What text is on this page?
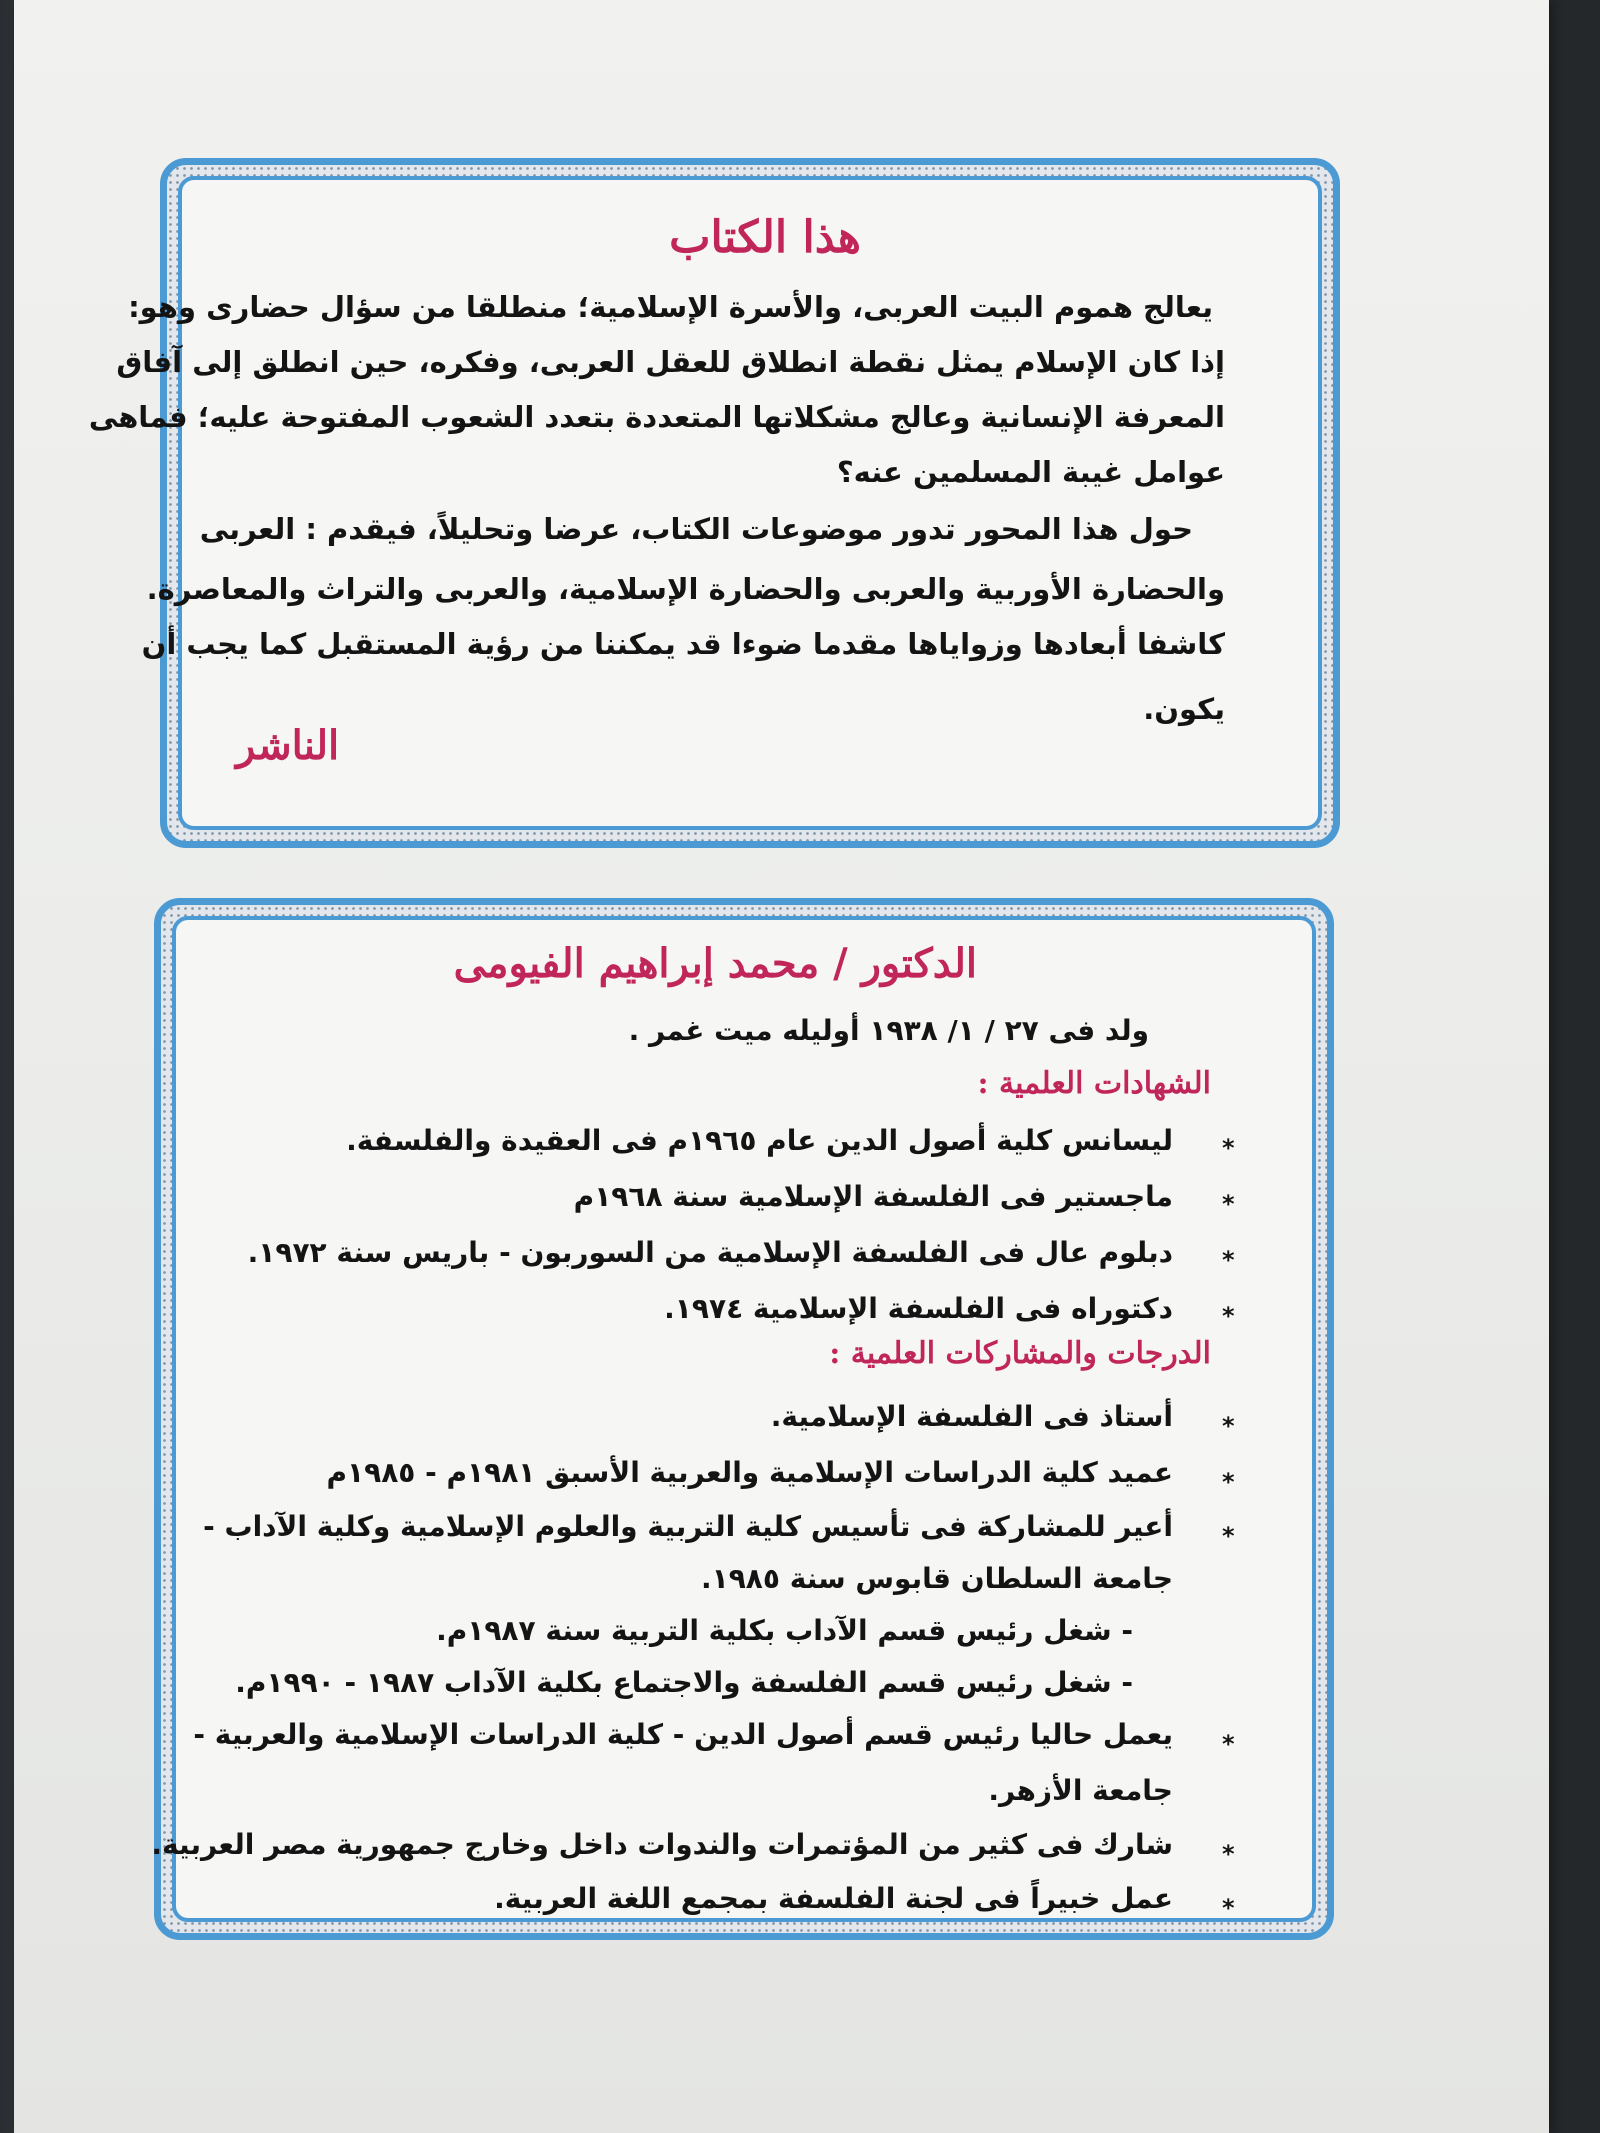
هذا الكتاب
يعالج هموم البيت العربى، والأسرة الإسلامية؛ منطلقا من سؤال حضارى وهو:
إذا كان الإسلام يمثل نقطة انطلاق للعقل العربى، وفكره، حين انطلق إلى آفاق
المعرفة الإنسانية وعالج مشكلاتها المتعددة بتعدد الشعوب المفتوحة عليه؛ فماهى
عوامل غيبة المسلمين عنه؟
حول هذا المحور تدور موضوعات الكتاب، عرضا وتحليلاً، فيقدم : العربى
والحضارة الأوربية والعربى والحضارة الإسلامية، والعربى والتراث والمعاصرة.
كاشفا أبعادها وزواياها مقدما ضوءا قد يمكننا من رؤية المستقبل كما يجب أن
يكون.
الناشر
الدكتور / محمد إبراهيم الفيومى
ولد فى ٢٧ / ١/ ١٩٣٨ أوليله ميت غمر .
الشهادات العلمية :
*
ليسانس كلية أصول الدين عام ١٩٦٥م فى العقيدة والفلسفة.
*
ماجستير فى الفلسفة الإسلامية سنة ١٩٦٨م
*
دبلوم عال فى الفلسفة الإسلامية من السوربون - باريس سنة ١٩٧٢.
*
دكتوراه فى الفلسفة الإسلامية ١٩٧٤.
الدرجات والمشاركات العلمية :
*
أستاذ فى الفلسفة الإسلامية.
*
عميد كلية الدراسات الإسلامية والعربية الأسبق ١٩٨١م - ١٩٨٥م
*
أعير للمشاركة فى تأسيس كلية التربية والعلوم الإسلامية وكلية الآداب -
جامعة السلطان قابوس سنة ١٩٨٥.
- شغل رئيس قسم الآداب بكلية التربية سنة ١٩٨٧م.
- شغل رئيس قسم الفلسفة والاجتماع بكلية الآداب ١٩٨٧ - ١٩٩٠م.
*
يعمل حاليا رئيس قسم أصول الدين - كلية الدراسات الإسلامية والعربية -
جامعة الأزهر.
*
شارك فى كثير من المؤتمرات والندوات داخل وخارج جمهورية مصر العربية.
*
عمل خبيراً فى لجنة الفلسفة بمجمع اللغة العربية.
